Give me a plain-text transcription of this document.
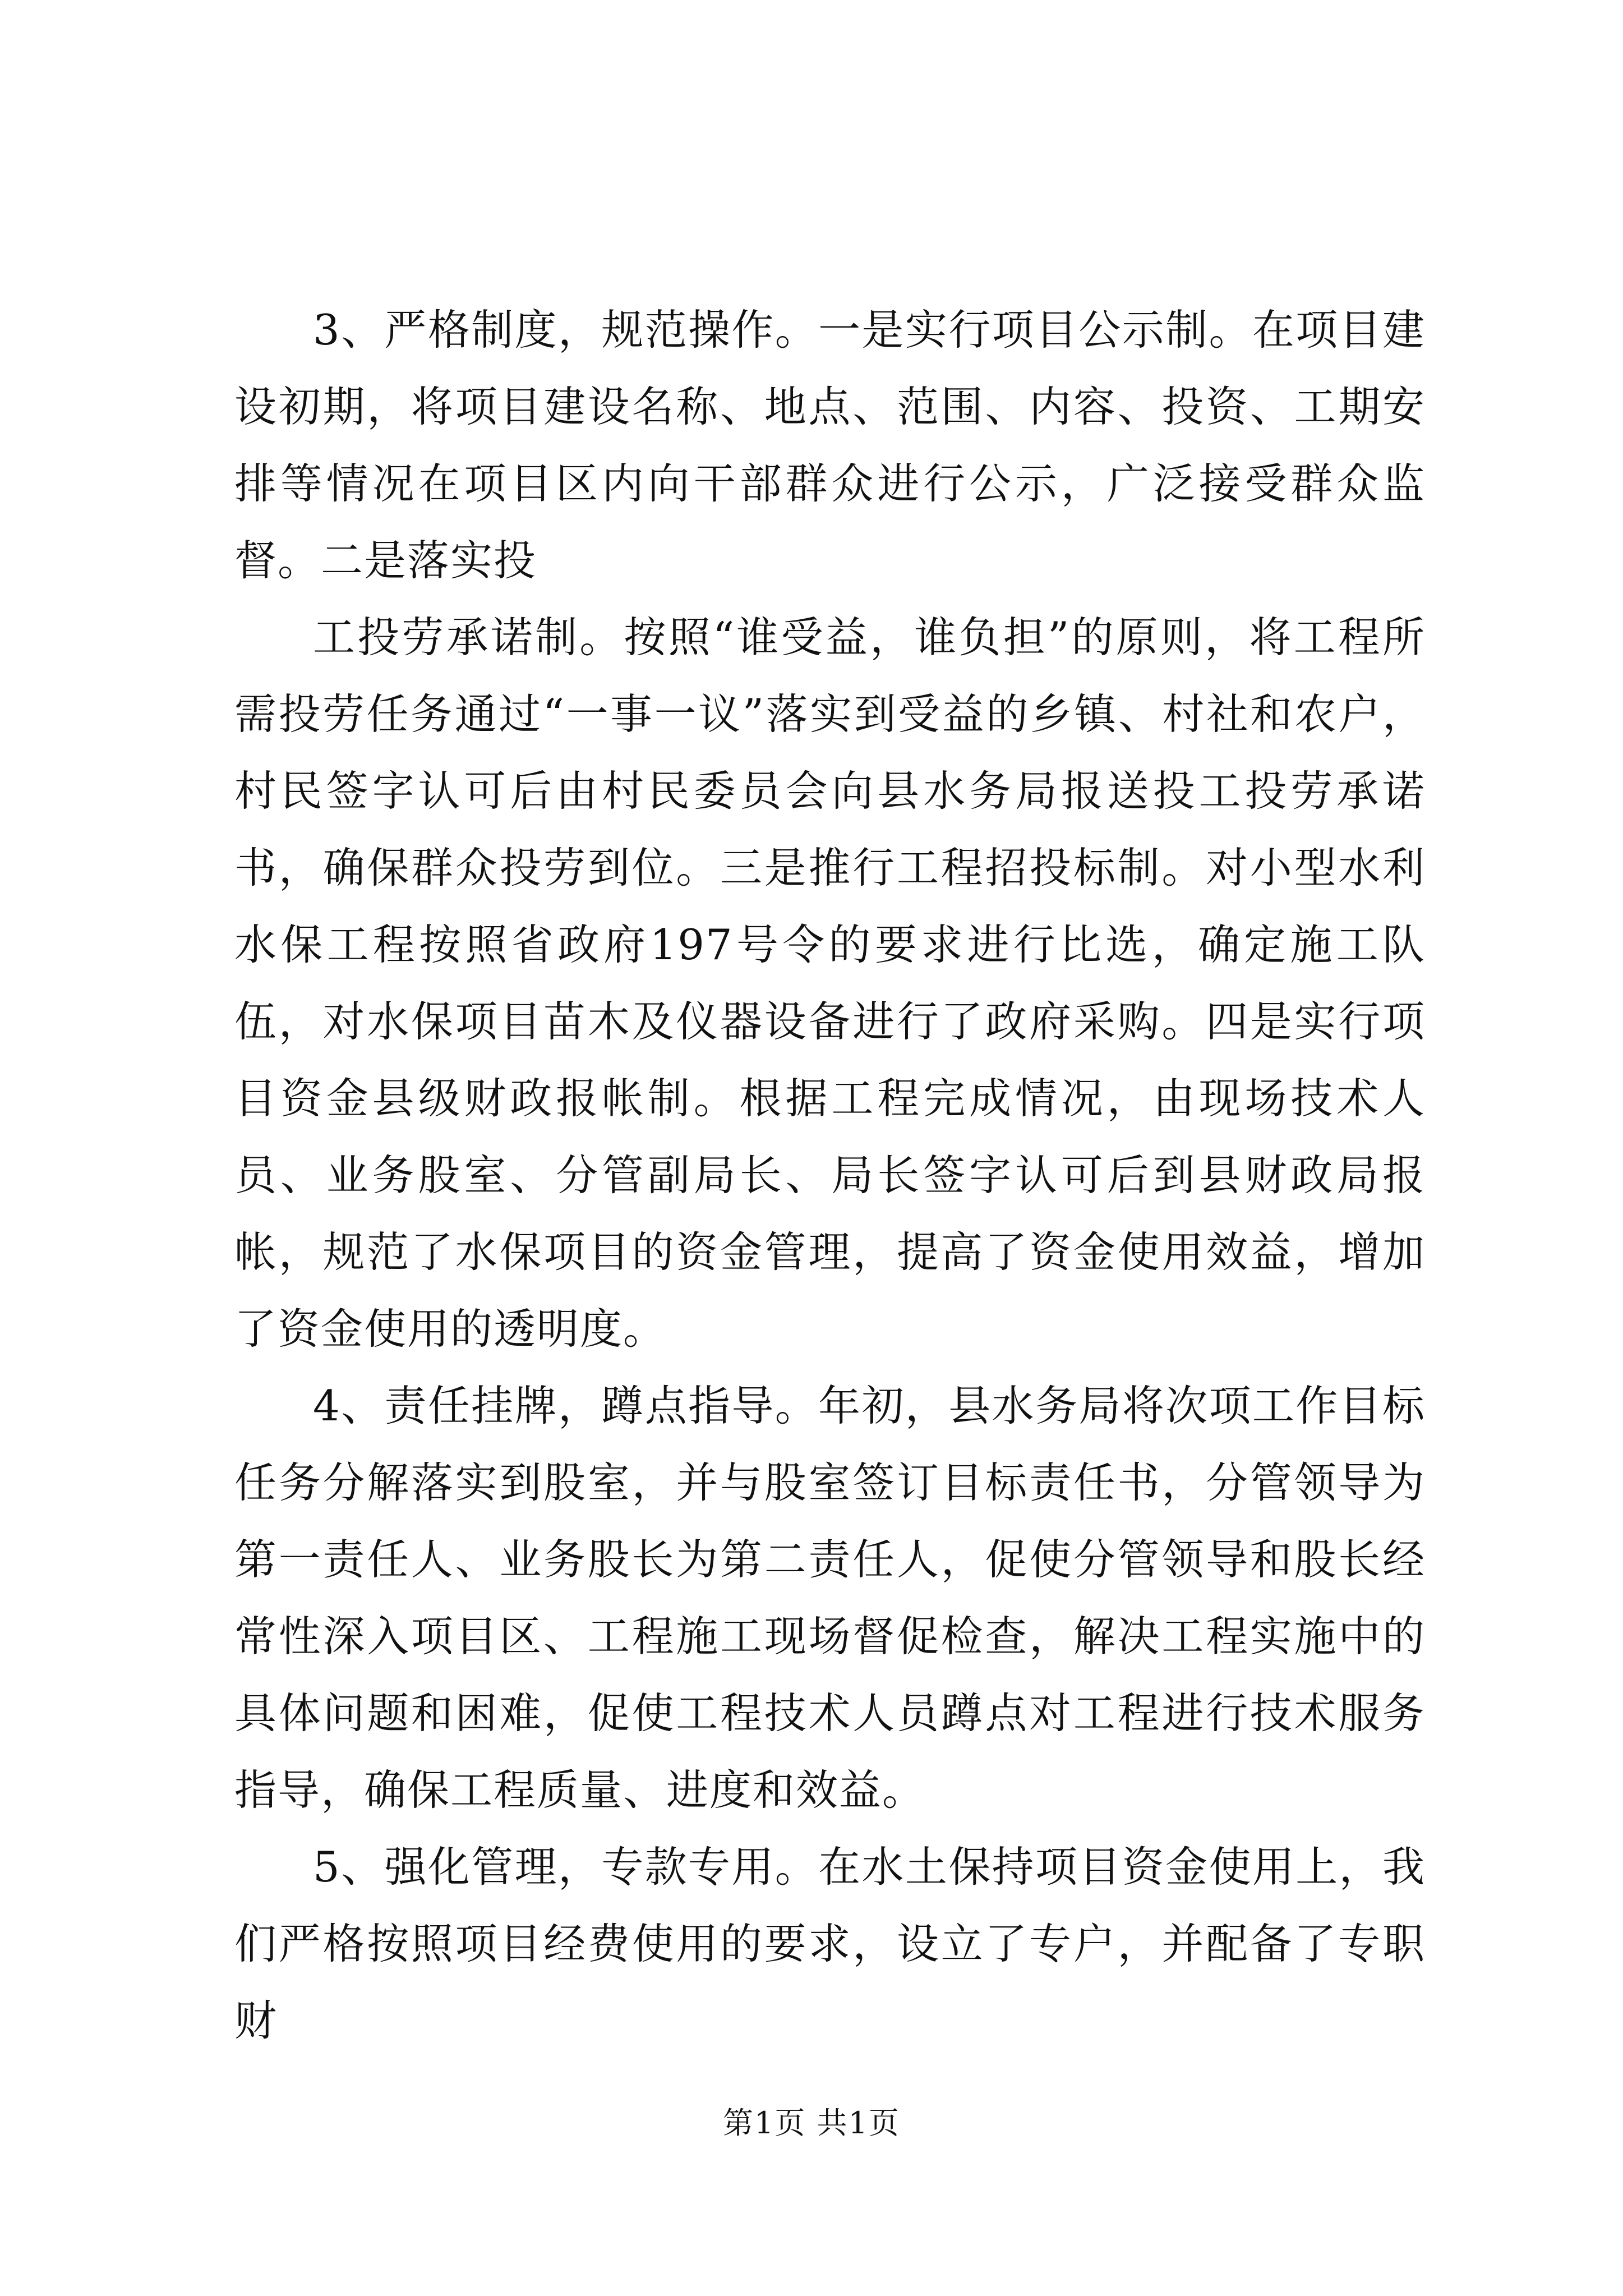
3、严格制度，规范操作。一是实行项目公示制。在项目建设初期，将项目建设名称、地点、范围、内容、投资、工期安排等情况在项目区内向干部群众进行公示，广泛接受群众监督。二是落实投

工投劳承诺制。按照“谁受益，谁负担”的原则，将工程所需投劳任务通过“一事一议”落实到受益的乡镇、村社和农户，村民签字认可后由村民委员会向县水务局报送投工投劳承诺书，确保群众投劳到位。三是推行工程招投标制。对小型水利水保工程按照省政府197号令的要求进行比选，确定施工队伍，对水保项目苗木及仪器设备进行了政府采购。四是实行项目资金县级财政报帐制。根据工程完成情况，由现场技术人员、业务股室、分管副局长、局长签字认可后到县财政局报帐，规范了水保项目的资金管理，提高了资金使用效益，增加了资金使用的透明度。

4、责任挂牌，蹲点指导。年初，县水务局将次项工作目标任务分解落实到股室，并与股室签订目标责任书，分管领导为第一责任人、业务股长为第二责任人，促使分管领导和股长经常性深入项目区、工程施工现场督促检查，解决工程实施中的具体问题和困难，促使工程技术人员蹲点对工程进行技术服务指导，确保工程质量、进度和效益。

5、强化管理，专款专用。在水土保持项目资金使用上，我们严格按照项目经费使用的要求，设立了专户，并配备了专职财

第1页 共1页
